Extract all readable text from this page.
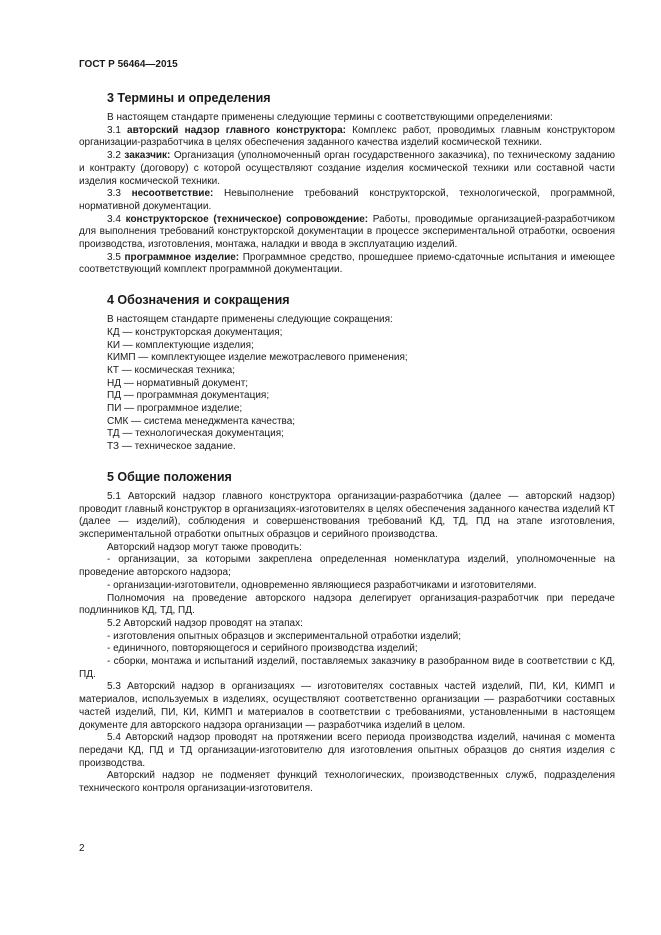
ГОСТ Р 56464—2015
3 Термины и определения

В настоящем стандарте применены следующие термины с соответствующими определениями:

3.1 авторский надзор главного конструктора: Комплекс работ, проводимых главным конструктором организации-разработчика в целях обеспечения заданного качества изделий космической техники.

3.2 заказчик: Организация (уполномоченный орган государственного заказчика), по техническому заданию и контракту (договору) с которой осуществляют создание изделия космической техники или составной части изделия космической техники.

3.3 несоответствие: Невыполнение требований конструкторской, технологической, программной, нормативной документации.

3.4 конструкторское (техническое) сопровождение: Работы, проводимые организацией-разработчиком для выполнения требований конструкторской документации в процессе экспериментальной отработки, освоения производства, изготовления, монтажа, наладки и ввода в эксплуатацию изделий.

3.5 программное изделие: Программное средство, прошедшее приемо-сдаточные испытания и имеющее соответствующий комплект программной документации.

4 Обозначения и сокращения
В настоящем стандарте применены следующие сокращения:
КД — конструкторская документация;
КИ — комплектующие изделия;
КИМП — комплектующее изделие межотраслевого применения;
КТ — космическая техника;
НД — нормативный документ;
ПД — программная документация;
ПИ — программное изделие;
СМК — система менеджмента качества;
ТД — технологическая документация;
ТЗ — техническое задание.
5 Общие положения

5.1 Авторский надзор главного конструктора организации-разработчика (далее — авторский надзор) проводит главный конструктор в организациях-изготовителях в целях обеспечения заданного качества изделий КТ (далее — изделий), соблюдения и совершенствования требований КД, ТД, ПД на этапе изготовления, экспериментальной отработки опытных образцов и серийного производства.

Авторский надзор могут также проводить:

- организации, за которыми закреплена определенная номенклатура изделий, уполномоченные на проведение авторского надзора;

- организации-изготовители, одновременно являющиеся разработчиками и изготовителями.

Полномочия на проведение авторского надзора делегирует организация-разработчик при передаче подлинников КД, ТД, ПД.

5.2 Авторский надзор проводят на этапах:

- изготовления опытных образцов и экспериментальной отработки изделий;

- единичного, повторяющегося и серийного производства изделий;

- сборки, монтажа и испытаний изделий, поставляемых заказчику в разобранном виде в соответствии с КД, ПД.

5.3 Авторский надзор в организациях — изготовителях составных частей изделий, ПИ, КИ, КИМП и материалов, используемых в изделиях, осуществляют соответственно организации — разработчики составных частей изделий, ПИ, КИ, КИМП и материалов в соответствии с требованиями, установленными в настоящем документе для авторского надзора организации — разработчика изделий в целом.

5.4 Авторский надзор проводят на протяжении всего периода производства изделий, начиная с момента передачи КД, ПД и ТД организации-изготовителю для изготовления опытных образцов до снятия изделия с производства.

Авторский надзор не подменяет функций технологических, производственных служб, подразделения технического контроля организации-изготовителя.

2
